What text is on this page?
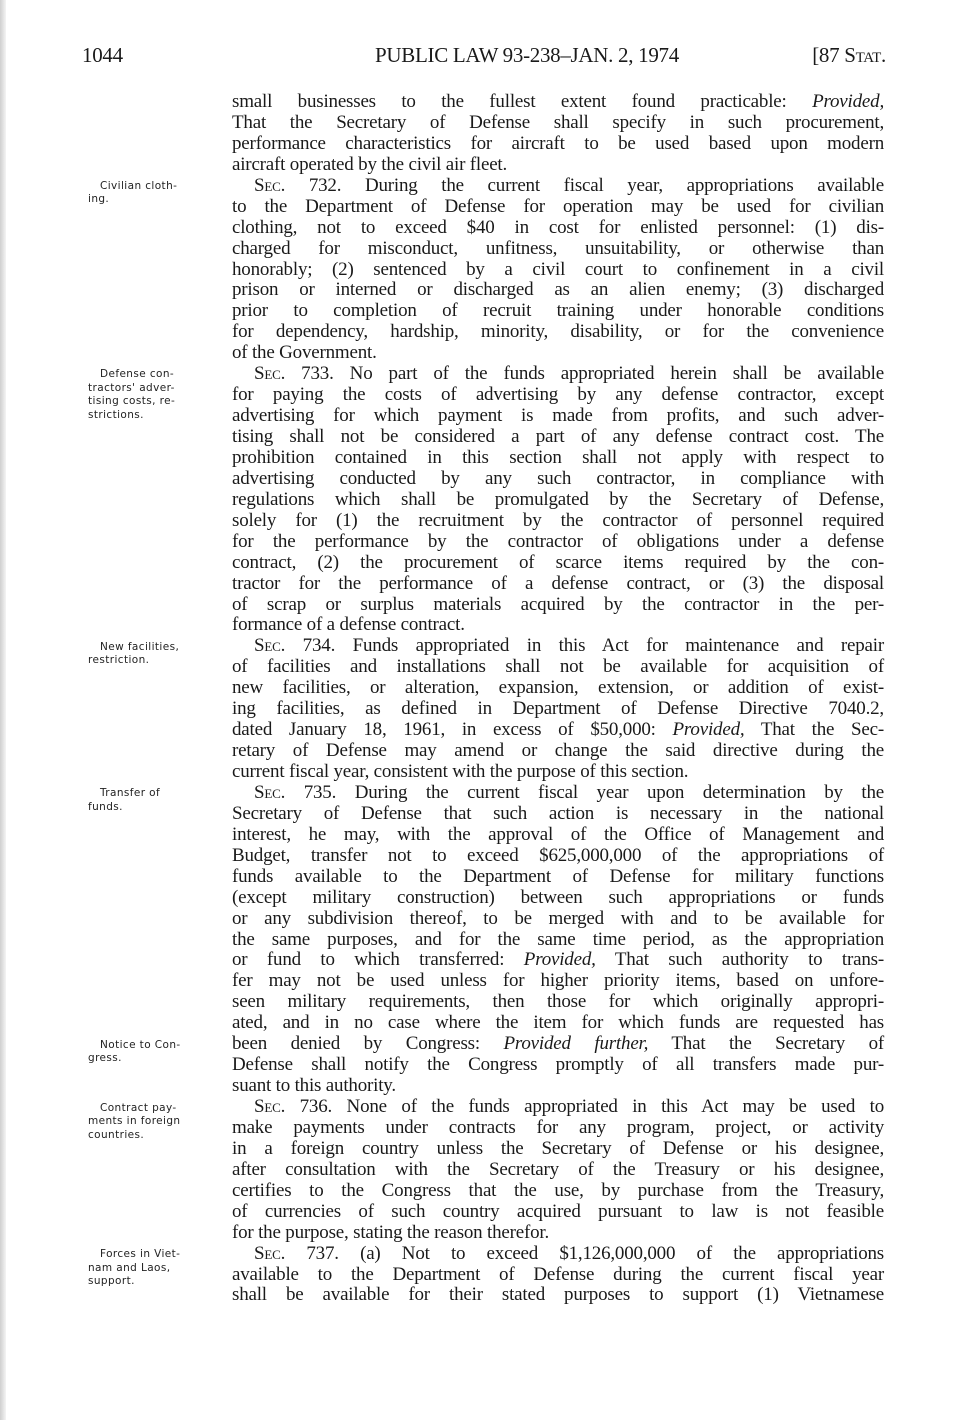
1044	PUBLIC LAW 93-238–JAN. 2, 1974	[87 Stat.
Civilian cloth-
ing.
Defense con-
tractors' adver-
tising costs, re-
strictions.
New facilities,
restriction.
Transfer of
funds.
Notice to Con-
gress.
Contract pay-
ments in foreign
countries.
Forces in Viet-
nam and Laos,
support.
small businesses to the fullest extent found practicable: Provided,
That the Secretary of Defense shall specify in such procurement,
performance characteristics for aircraft to be used based upon modern
aircraft operated by the civil air fleet.
Sec. 732. During the current fiscal year, appropriations available
to the Department of Defense for operation may be used for civilian
clothing, not to exceed $40 in cost for enlisted personnel: (1) dis-
charged for misconduct, unfitness, unsuitability, or otherwise than
honorably; (2) sentenced by a civil court to confinement in a civil
prison or interned or discharged as an alien enemy; (3) discharged
prior to completion of recruit training under honorable conditions
for dependency, hardship, minority, disability, or for the convenience
of the Government.
Sec. 733. No part of the funds appropriated herein shall be available
for paying the costs of advertising by any defense contractor, except
advertising for which payment is made from profits, and such adver-
tising shall not be considered a part of any defense contract cost. The
prohibition contained in this section shall not apply with respect to
advertising conducted by any such contractor, in compliance with
regulations which shall be promulgated by the Secretary of Defense,
solely for (1) the recruitment by the contractor of personnel required
for the performance by the contractor of obligations under a defense
contract, (2) the procurement of scarce items required by the con-
tractor for the performance of a defense contract, or (3) the disposal
of scrap or surplus materials acquired by the contractor in the per-
formance of a defense contract.
Sec. 734. Funds appropriated in this Act for maintenance and repair
of facilities and installations shall not be available for acquisition of
new facilities, or alteration, expansion, extension, or addition of exist-
ing facilities, as defined in Department of Defense Directive 7040.2,
dated January 18, 1961, in excess of $50,000: Provided, That the Sec-
retary of Defense may amend or change the said directive during the
current fiscal year, consistent with the purpose of this section.
Sec. 735. During the current fiscal year upon determination by the
Secretary of Defense that such action is necessary in the national
interest, he may, with the approval of the Office of Management and
Budget, transfer not to exceed $625,000,000 of the appropriations of
funds available to the Department of Defense for military functions
(except military construction) between such appropriations or funds
or any subdivision thereof, to be merged with and to be available for
the same purposes, and for the same time period, as the appropriation
or fund to which transferred: Provided, That such authority to trans-
fer may not be used unless for higher priority items, based on unfore-
seen military requirements, then those for which originally appropri-
ated, and in no case where the item for which funds are requested has
been denied by Congress: Provided further, That the Secretary of
Defense shall notify the Congress promptly of all transfers made pur-
suant to this authority.
Sec. 736. None of the funds appropriated in this Act may be used to
make payments under contracts for any program, project, or activity
in a foreign country unless the Secretary of Defense or his designee,
after consultation with the Secretary of the Treasury or his designee,
certifies to the Congress that the use, by purchase from the Treasury,
of currencies of such country acquired pursuant to law is not feasible
for the purpose, stating the reason therefor.
Sec. 737. (a) Not to exceed $1,126,000,000 of the appropriations
available to the Department of Defense during the current fiscal year
shall be available for their stated purposes to support (1) Vietnamese
